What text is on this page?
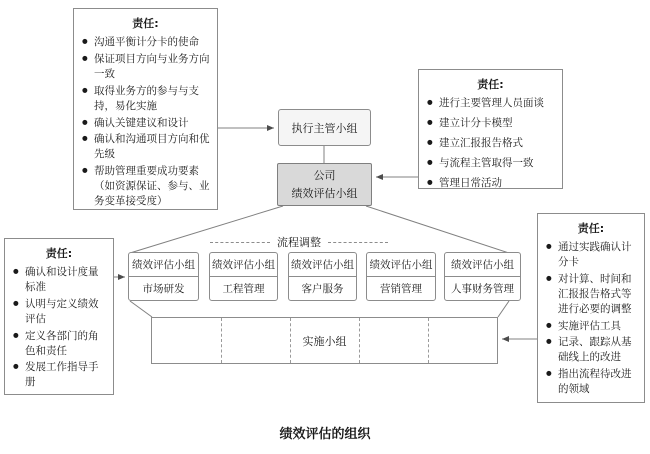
责任:
● 沟通平衡计分卡的使命
● 保证项目方向与业务方向一致
● 取得业务方的参与与支持，易化实施
● 确认关键建议和设计
● 确认和沟通项目方向和优先级
● 帮助管理重要成功要素（如资源保证、参与、业务变革接受度）
责任:
● 进行主要管理人员面谈
● 建立计分卡模型
● 建立汇报报告格式
● 与流程主管取得一致
● 管理日常活动
责任:
● 确认和设计度量标准
● 认明与定义绩效评估
● 定义各部门的角色和责任
● 发展工作指导手册
责任:
● 通过实践确认计分卡
● 对计算、时间和汇报报告格式等进行必要的调整
● 实施评估工具
● 记录、跟踪从基础线上的改进
● 指出流程待改进的领域
执行主管小组
公司
绩效评估小组
流程调整
绩效评估小组
市场研发
绩效评估小组
工程管理
绩效评估小组
客户服务
绩效评估小组
营销管理
绩效评估小组
人事财务管理
实施小组
绩效评估的组织
